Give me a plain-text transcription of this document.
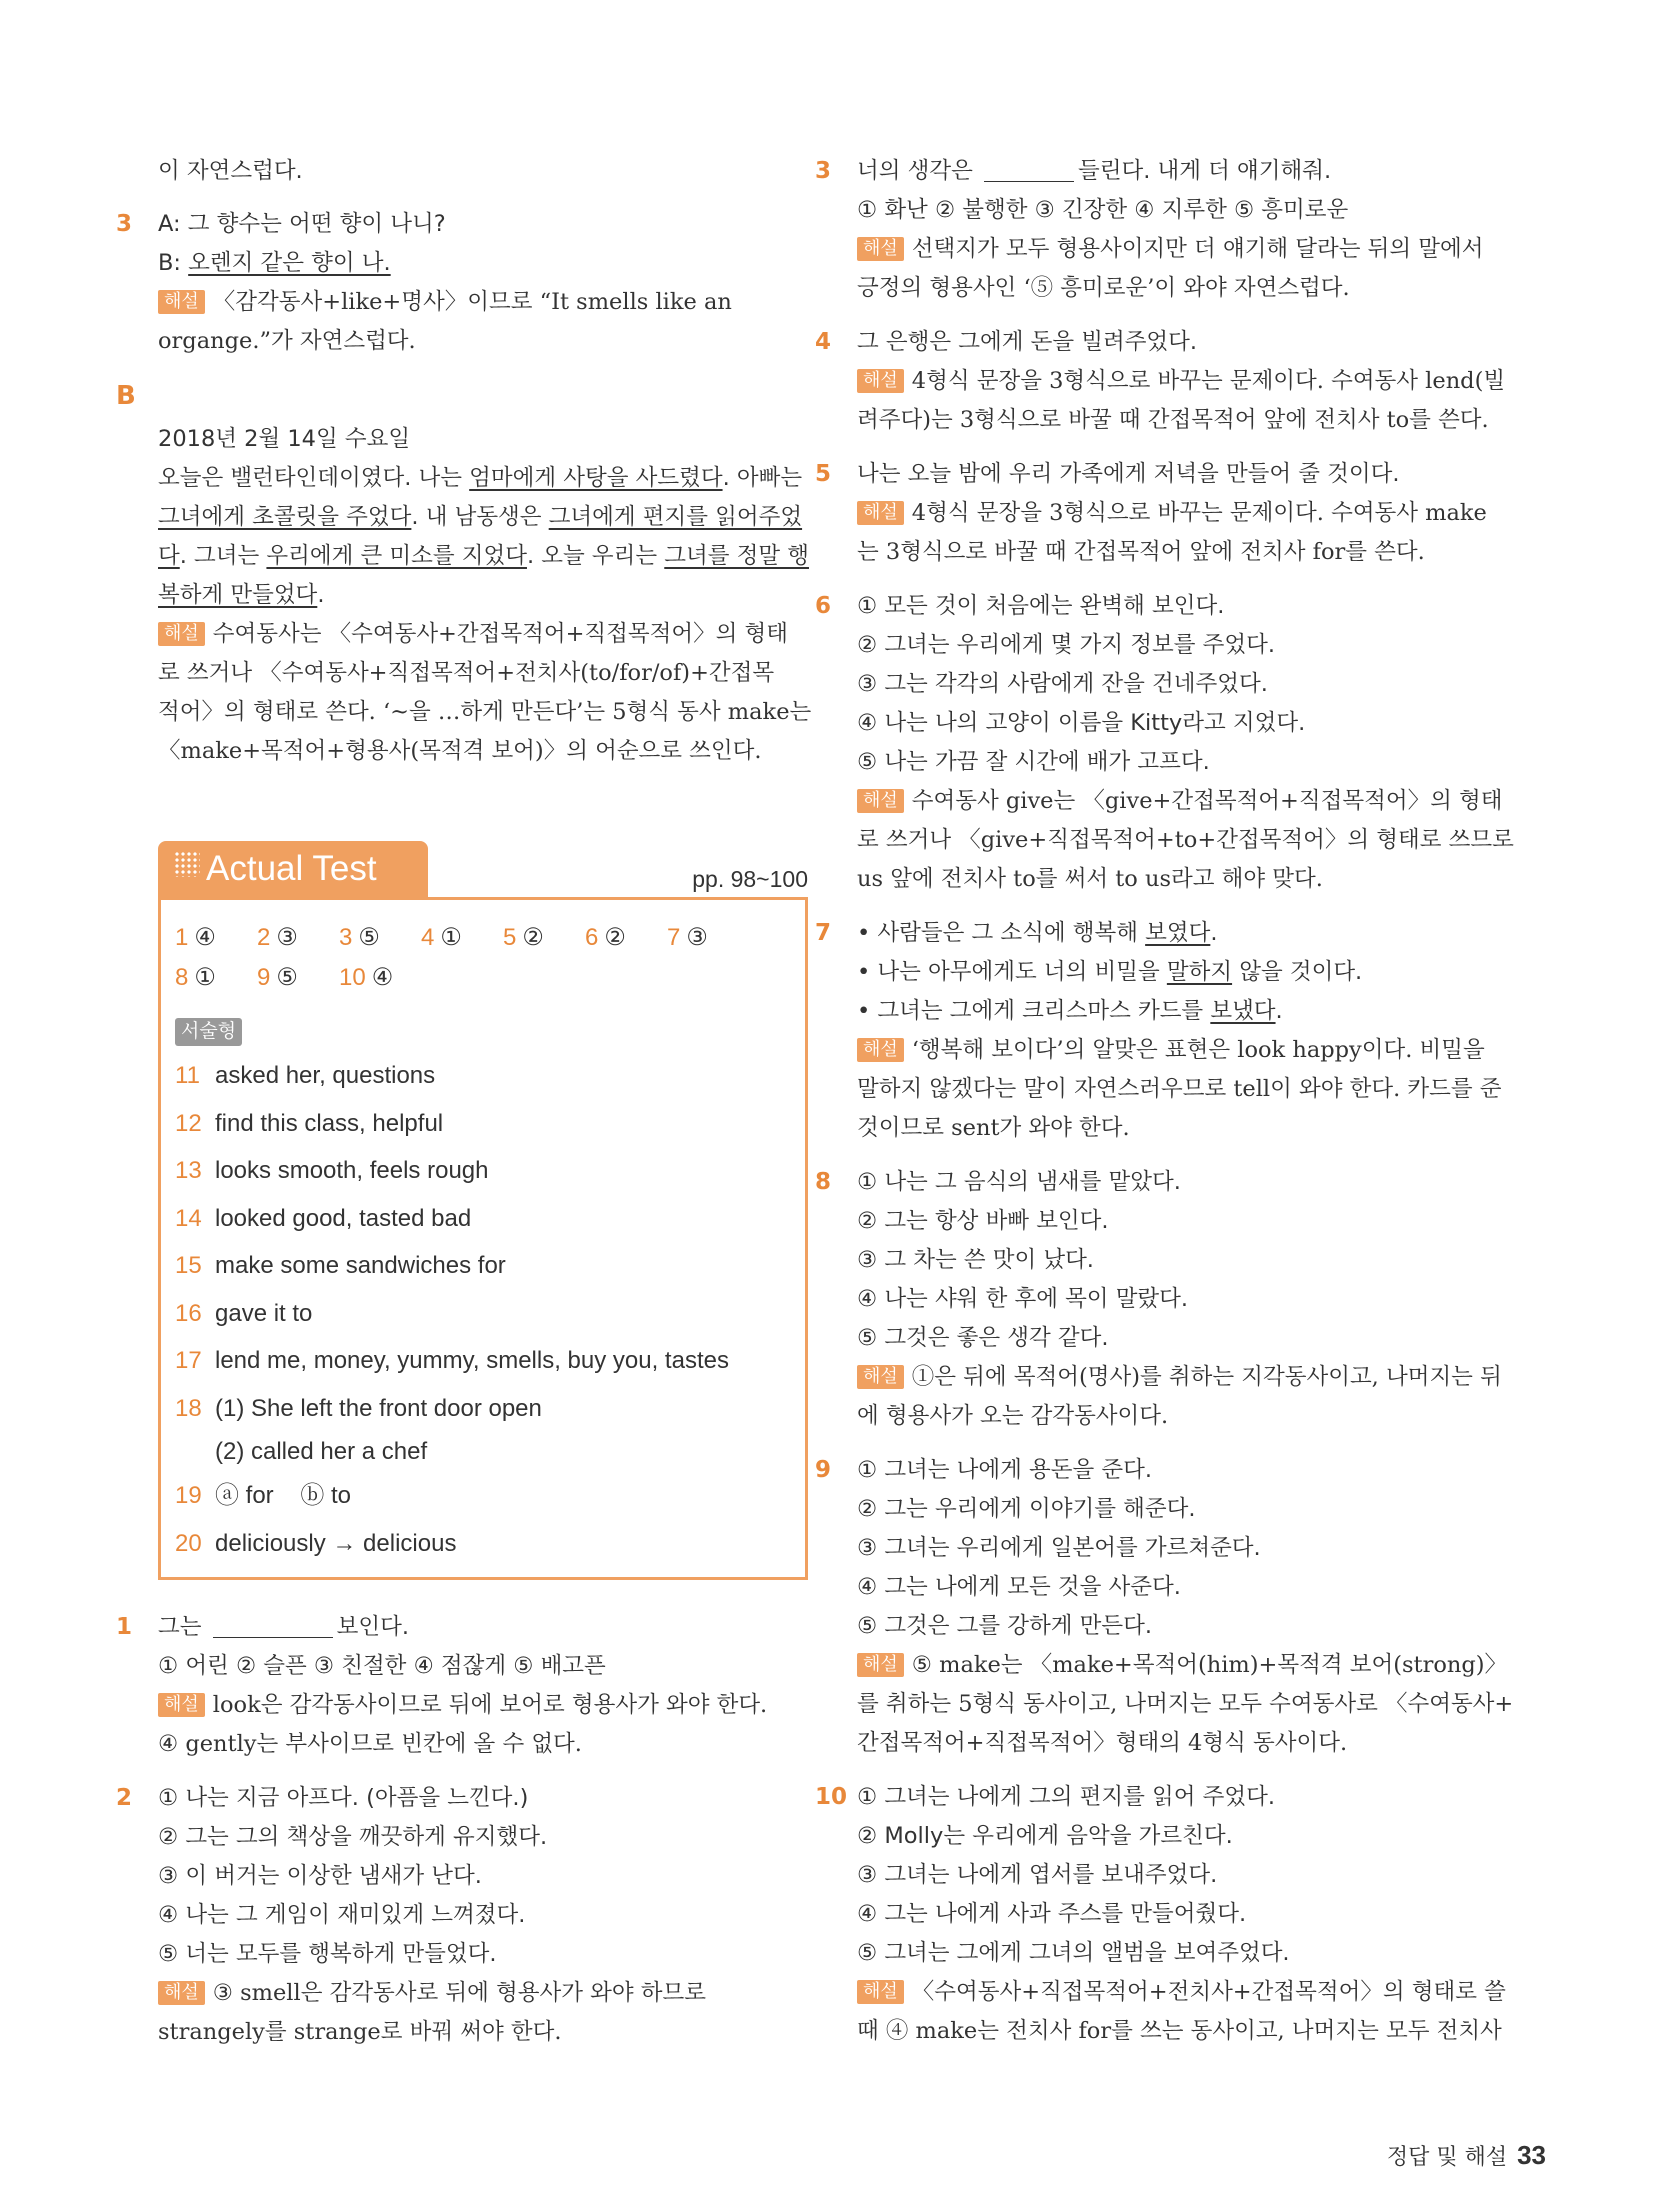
이 자연스럽다.
3 A: 그 향수는 어떤 향이 나니?
B: 오렌지 같은 향이 나.
해설 〈감각동사+like+명사〉이므로 “It smells like an
organge.”가 자연스럽다.
B
2018년 2월 14일 수요일
오늘은 밸런타인데이였다. 나는 엄마에게 사탕을 사드렸다. 아빠는
그녀에게 초콜릿을 주었다. 내 남동생은 그녀에게 편지를 읽어주었
다. 그녀는 우리에게 큰 미소를 지었다. 오늘 우리는 그녀를 정말 행
복하게 만들었다.
해설 수여동사는 〈수여동사+간접목적어+직접목적어〉의 형태
로 쓰거나 〈수여동사+직접목적어+전치사(to/for/of)+간접목
적어〉의 형태로 쓴다. ‘~을 …하게 만든다’는 5형식 동사 make는
〈make+목적어+형용사(목적격 보어)〉의 어순으로 쓰인다.
Actual Test	pp. 98~100
1 ④ 2 ③ 3 ⑤ 4 ① 5 ② 6 ② 7 ③
8 ① 9 ⑤ 10 ④
서술형
11 asked her, questions
12 find this class, helpful
13 looks smooth, feels rough
14 looked good, tasted bad
15 make some sandwiches for
16 gave it to
17 lend me, money, yummy, smells, buy you, tastes
18 (1) She left the front door open
(2) called her a chef
19 ⓐ for    ⓑ to
20 deliciously → delicious
1 그는	보인다.
① 어린 ② 슬픈 ③ 친절한 ④ 점잖게 ⑤ 배고픈
해설 look은 감각동사이므로 뒤에 보어로 형용사가 와야 한다.
④ gently는 부사이므로 빈칸에 올 수 없다.
2 ① 나는 지금 아프다. (아픔을 느낀다.)
② 그는 그의 책상을 깨끗하게 유지했다.
③ 이 버거는 이상한 냄새가 난다.
④ 나는 그 게임이 재미있게 느껴졌다.
⑤ 너는 모두를 행복하게 만들었다.
해설 ③ smell은 감각동사로 뒤에 형용사가 와야 하므로
strangely를 strange로 바꿔 써야 한다.
3 너의 생각은	들린다. 내게 더 얘기해줘.
① 화난 ② 불행한 ③ 긴장한 ④ 지루한 ⑤ 흥미로운
해설 선택지가 모두 형용사이지만 더 얘기해 달라는 뒤의 말에서
긍정의 형용사인 ‘⑤ 흥미로운’이 와야 자연스럽다.
4 그 은행은 그에게 돈을 빌려주었다.
해설 4형식 문장을 3형식으로 바꾸는 문제이다. 수여동사 lend(빌
려주다)는 3형식으로 바꿀 때 간접목적어 앞에 전치사 to를 쓴다.
5 나는 오늘 밤에 우리 가족에게 저녁을 만들어 줄 것이다.
해설 4형식 문장을 3형식으로 바꾸는 문제이다. 수여동사 make
는 3형식으로 바꿀 때 간접목적어 앞에 전치사 for를 쓴다.
6 ① 모든 것이 처음에는 완벽해 보인다.
② 그녀는 우리에게 몇 가지 정보를 주었다.
③ 그는 각각의 사람에게 잔을 건네주었다.
④ 나는 나의 고양이 이름을 Kitty라고 지었다.
⑤ 나는 가끔 잘 시간에 배가 고프다.
해설 수여동사 give는 〈give+간접목적어+직접목적어〉의 형태
로 쓰거나 〈give+직접목적어+to+간접목적어〉의 형태로 쓰므로
us 앞에 전치사 to를 써서 to us라고 해야 맞다.
7 • 사람들은 그 소식에 행복해 보였다.
• 나는 아무에게도 너의 비밀을 말하지 않을 것이다.
• 그녀는 그에게 크리스마스 카드를 보냈다.
해설 ‘행복해 보이다’의 알맞은 표현은 look happy이다. 비밀을
말하지 않겠다는 말이 자연스러우므로 tell이 와야 한다. 카드를 준
것이므로 sent가 와야 한다.
8 ① 나는 그 음식의 냄새를 맡았다.
② 그는 항상 바빠 보인다.
③ 그 차는 쓴 맛이 났다.
④ 나는 샤워 한 후에 목이 말랐다.
⑤ 그것은 좋은 생각 같다.
해설 ①은 뒤에 목적어(명사)를 취하는 지각동사이고, 나머지는 뒤
에 형용사가 오는 감각동사이다.
9 ① 그녀는 나에게 용돈을 준다.
② 그는 우리에게 이야기를 해준다.
③ 그녀는 우리에게 일본어를 가르쳐준다.
④ 그는 나에게 모든 것을 사준다.
⑤ 그것은 그를 강하게 만든다.
해설 ⑤ make는 〈make+목적어(him)+목적격 보어(strong)〉
를 취하는 5형식 동사이고, 나머지는 모두 수여동사로 〈수여동사+
간접목적어+직접목적어〉형태의 4형식 동사이다.
10 ① 그녀는 나에게 그의 편지를 읽어 주었다.
② Molly는 우리에게 음악을 가르친다.
③ 그녀는 나에게 엽서를 보내주었다.
④ 그는 나에게 사과 주스를 만들어줬다.
⑤ 그녀는 그에게 그녀의 앨범을 보여주었다.
해설 〈수여동사+직접목적어+전치사+간접목적어〉의 형태로 쓸
때 ④ make는 전치사 for를 쓰는 동사이고, 나머지는 모두 전치사
정답 및 해설 33
